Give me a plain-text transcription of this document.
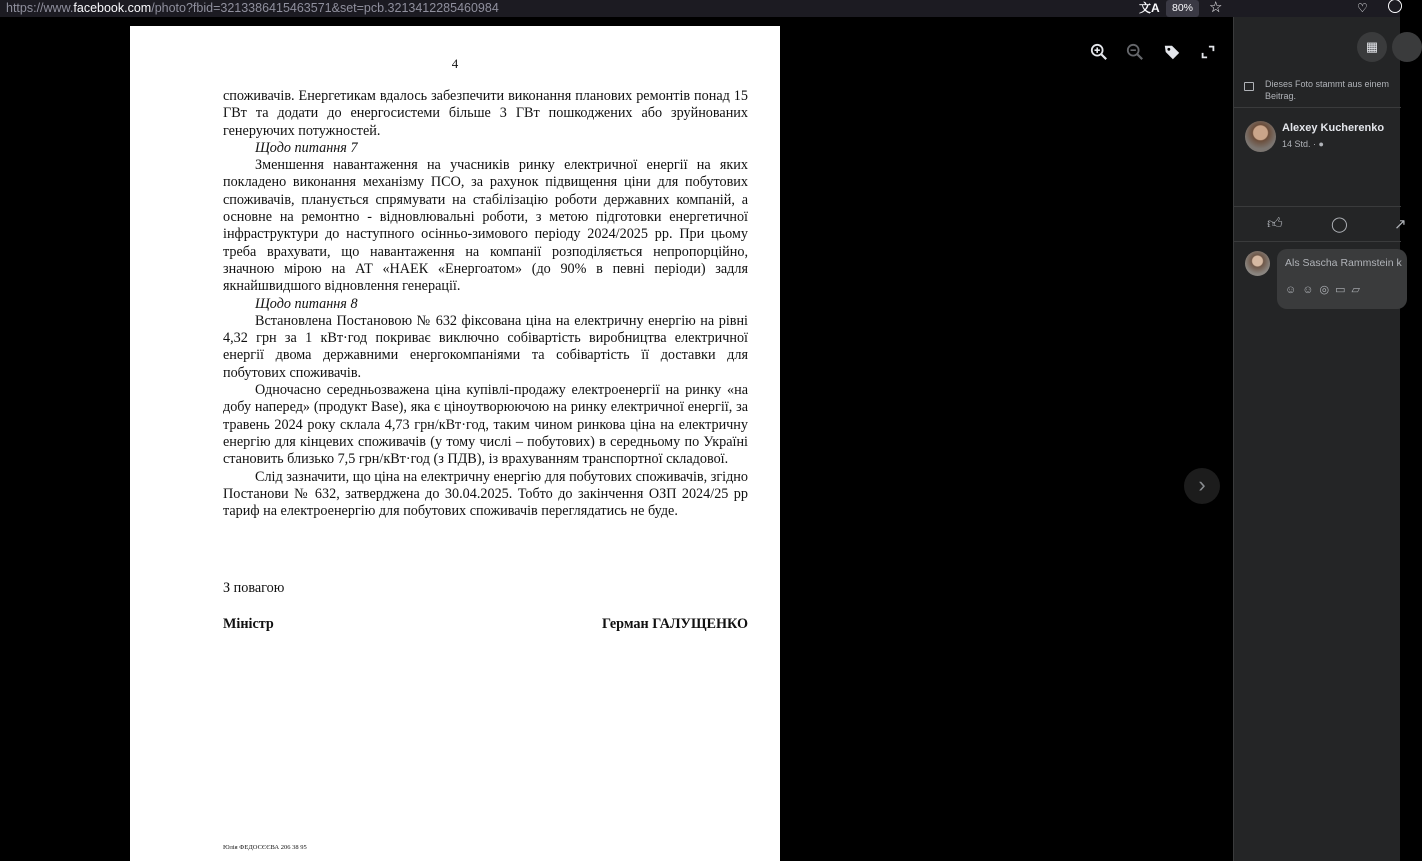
https://www.facebook.com/photo?fbid=3213386415463571&set=pcb.3213412285460984	文A	80%	☆	♡
4

споживачів. Енергетикам вдалось забезпечити виконання планових ремонтів понад 15 ГВт та додати до енергосистеми більше 3 ГВт пошкоджених або зруйнованих генеруючих потужностей.

Щодо питання 7

Зменшення навантаження на учасників ринку електричної енергії на яких покладено виконання механізму ПСО, за рахунок підвищення ціни для побутових споживачів, планується спрямувати на стабілізацію роботи державних компаній, а основне на ремонтно - відновлювальні роботи, з метою підготовки енергетичної інфраструктури до наступного осінньо-зимового періоду 2024/2025 рр. При цьому треба врахувати, що навантаження на компанії розподіляється непропорційно, значною мірою на АТ «НАЕК «Енергоатом» (до 90% в певні періоди) задля якнайшвидшого відновлення генерації.

Щодо питання 8

Встановлена Постановою № 632 фіксована ціна на електричну енергію на рівні 4,32 грн за 1 кВт·год покриває виключно собівартість виробництва електричної енергії двома державними енергокомпаніями та собівартість її доставки для побутових споживачів.

Одночасно середньозважена ціна купівлі-продажу електроенергії на ринку «на добу наперед» (продукт Base), яка є ціноутворюючою на ринку електричної енергії, за травень 2024 року склала 4,73 грн/кВт·год, таким чином ринкова ціна на електричну енергію для кінцевих споживачів (у тому числі – побутових) в середньому по Україні становить близько 7,5 грн/кВт·год (з ПДВ), із врахуванням транспортної складової.

Слід зазначити, що ціна на електричну енергію для побутових споживачів, згідно Постанови № 632, затверджена до 30.04.2025. Тобто до закінчення ОЗП 2024/25 рр тариф на електроенергію для побутових споживачів переглядатись не буде.

З повагою
Міністр	Герман ГАЛУЩЕНКО
Юлія ФЕДОСЄЄВА 206 38 95
›
▦
Dieses Foto stammt aus einem Beitrag.
Alexey Kucherenko
14 Std. · ●
👍︎	◯	↗
Als Sascha Rammstein k
☺☺◎▭▱
